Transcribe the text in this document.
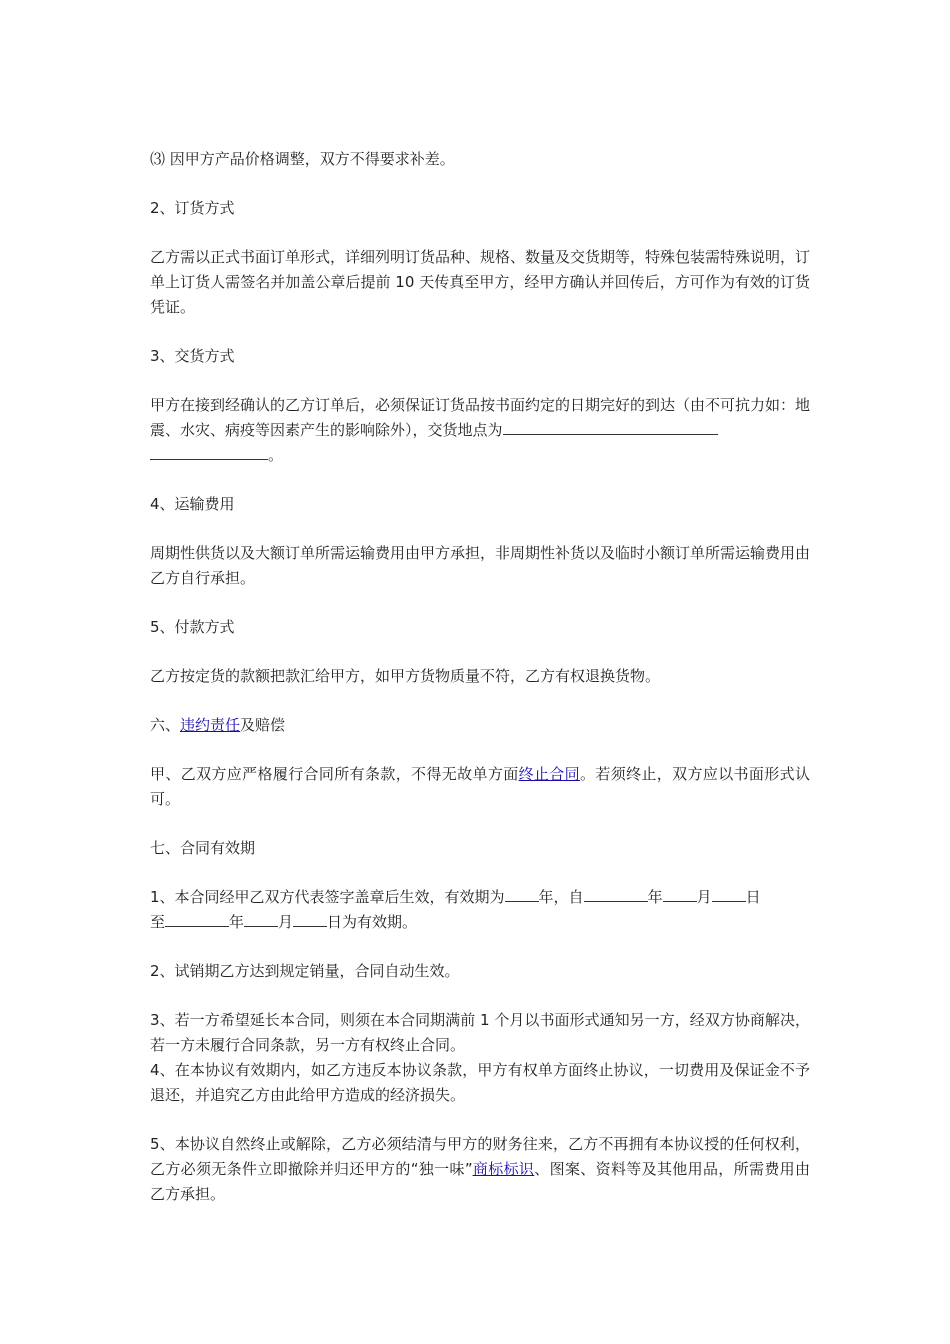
⑶ 因甲方产品价格调整，双方不得要求补差。

2、订货方式

乙方需以正式书面订单形式，详细列明订货品种、规格、数量及交货期等，特殊包装需特殊说明，订单上订货人需签名并加盖公章后提前 10 天传真至甲方，经甲方确认并回传后，方可作为有效的订货凭证。

3、交货方式

甲方在接到经确认的乙方订单后，必须保证订货品按书面约定的日期完好的到达（由不可抗力如：地震、水灾、病疫等因素产生的影响除外），交货地点为
。

4、运输费用

周期性供货以及大额订单所需运输费用由甲方承担，非周期性补货以及临时小额订单所需运输费用由乙方自行承担。

5、付款方式

乙方按定货的款额把款汇给甲方，如甲方货物质量不符，乙方有权退换货物。

六、违约责任及赔偿

甲、乙双方应严格履行合同所有条款，不得无故单方面终止合同。若须终止，双方应以书面形式认可。

七、合同有效期

1、本合同经甲乙双方代表签字盖章后生效，有效期为 年，自	年 月 日
至	年 月 日为有效期。

2、试销期乙方达到规定销量，合同自动生效。

3、若一方希望延长本合同，则须在本合同期满前 1 个月以书面形式通知另一方，经双方协商解决，若一方未履行合同条款，另一方有权终止合同。

4、在本协议有效期内，如乙方违反本协议条款，甲方有权单方面终止协议，一切费用及保证金不予退还，并追究乙方由此给甲方造成的经济损失。

5、本协议自然终止或解除，乙方必须结清与甲方的财务往来，乙方不再拥有本协议授的任何权利，乙方必须无条件立即撤除并归还甲方的“独一味”商标标识、图案、资料等及其他用品，所需费用由乙方承担。
